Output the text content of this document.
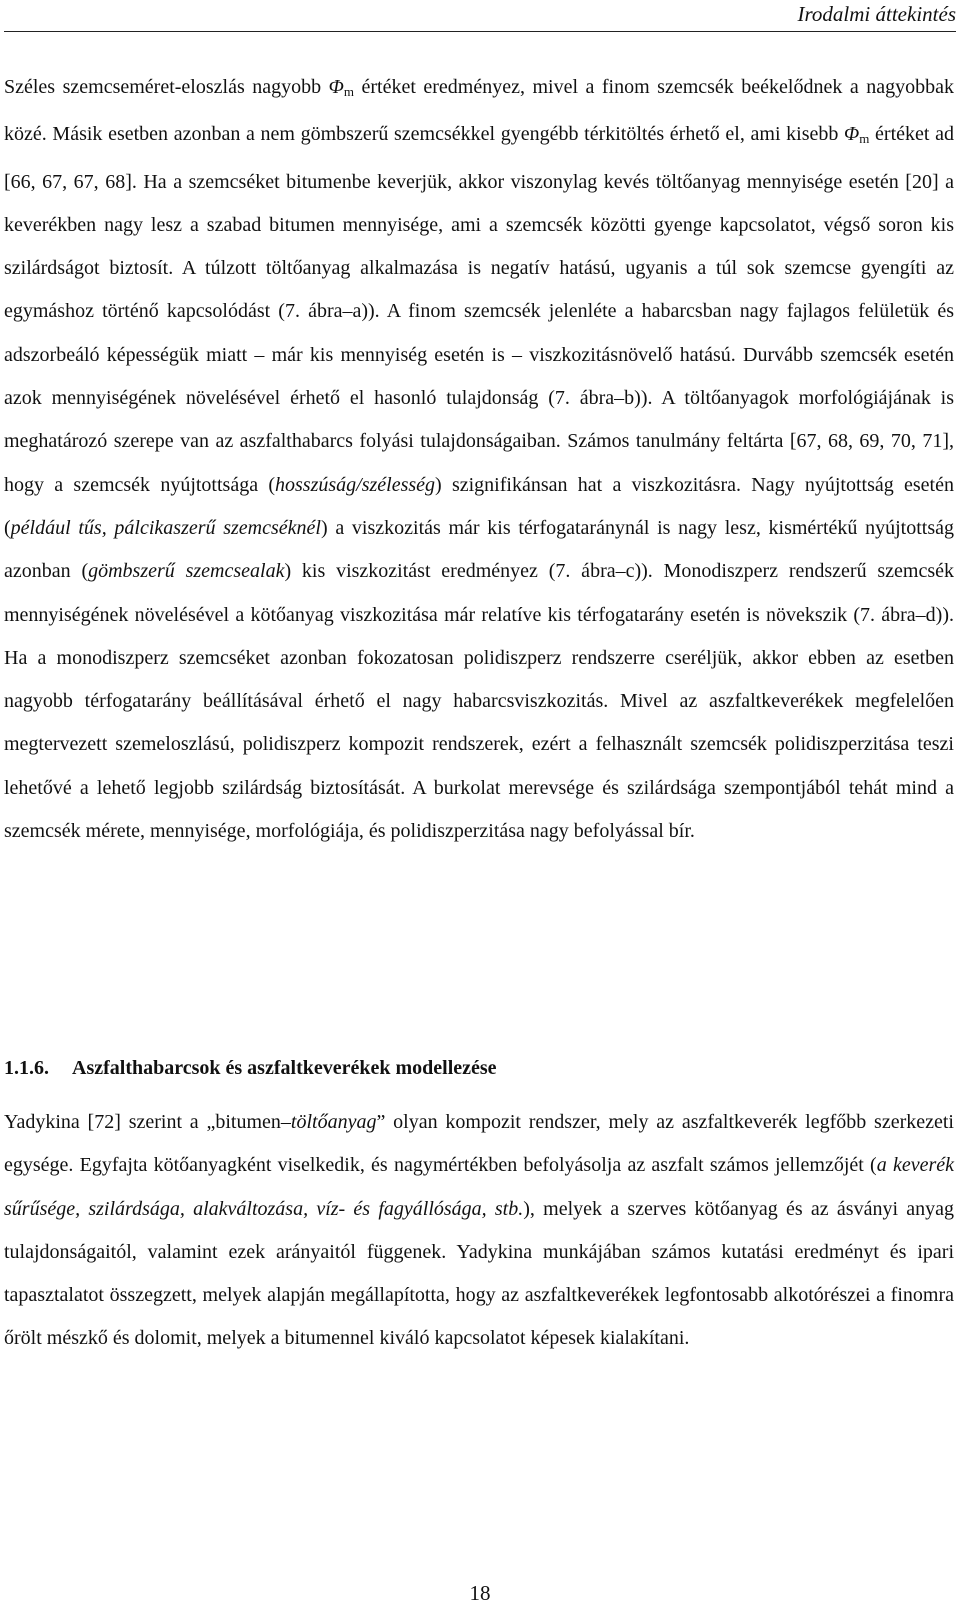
Irodalmi áttekintés

Széles szemcseméret-eloszlás nagyobb $\Phi_m$ értéket eredményez, mivel a finom szemcsék beékelődnek a nagyobbak közé. Másik esetben azonban a nem gömbszerű szemcsékkel gyengébb térkitöltés érhető el, ami kisebb $\Phi_m$ értéket ad [66, 67, 67, 68]. Ha a szemcséket bitumenbe keverjük, akkor viszonylag kevés töltőanyag mennyisége esetén [20] a keverékben nagy lesz a szabad bitumen mennyisége, ami a szemcsék közötti gyenge kapcsolatot, végső soron kis szilárdságot biztosít. A túlzott töltőanyag alkalmazása is negatív hatású, ugyanis a túl sok szemcse gyengíti az egymáshoz történő kapcsolódást (7. ábra–a)). A finom szemcsék jelenléte a habarcsban nagy fajlagos felületük és adszorbeáló képességük miatt – már kis mennyiség esetén is – viszkozitásnövelő hatású. Durvább szemcsék esetén azok mennyiségének növelésével érhető el hasonló tulajdonság (7. ábra–b)). A töltőanyagok morfológiájának is meghatározó szerepe van az aszfalthabarcs folyási tulajdonságaiban. Számos tanulmány feltárta [67, 68, 69, 70, 71], hogy a szemcsék nyújtottsága (hosszúság/szélesség) szignifikánsan hat a viszkozitásra. Nagy nyújtottság esetén (például tűs, pálcikaszerű szemcséknél) a viszkozitás már kis térfogataránynál is nagy lesz, kismértékű nyújtottság azonban (gömbszerű szemcsealak) kis viszkozitást eredményez (7. ábra–c)). Monodiszperz rendszerű szemcsék mennyiségének növelésével a kötőanyag viszkozitása már relatíve kis térfogatarány esetén is növekszik (7. ábra–d)). Ha a monodiszperz szemcséket azonban fokozatosan polidiszperz rendszerre cseréljük, akkor ebben az esetben nagyobb térfogatarány beállításával érhető el nagy habarcsviszkozitás. Mivel az aszfaltkeverékek megfelelően megtervezett szemeloszlású, polidiszperz kompozit rendszerek, ezért a felhasznált szemcsék polidiszperzitása teszi lehetővé a lehető legjobb szilárdság biztosítását. A burkolat merevsége és szilárdsága szempontjából tehát mind a szemcsék mérete, mennyisége, morfológiája, és polidiszperzitása nagy befolyással bír.

1.1.6. Aszfalthabarcsok és aszfaltkeverékek modellezése

Yadykina [72] szerint a „bitumen–töltőanyag” olyan kompozit rendszer, mely az aszfaltkeverék legfőbb szerkezeti egysége. Egyfajta kötőanyagként viselkedik, és nagymértékben befolyásolja az aszfalt számos jellemzőjét (a keverék sűrűsége, szilárdsága, alakváltozása, víz- és fagyállósága, stb.), melyek a szerves kötőanyag és az ásványi anyag tulajdonságaitól, valamint ezek arányaitól függenek. Yadykina munkájában számos kutatási eredményt és ipari tapasztalatot összegzett, melyek alapján megállapította, hogy az aszfaltkeverékek legfontosabb alkotórészei a finomra őrölt mészkő és dolomit, melyek a bitumennel kiváló kapcsolatot képesek kialakítani.

18
